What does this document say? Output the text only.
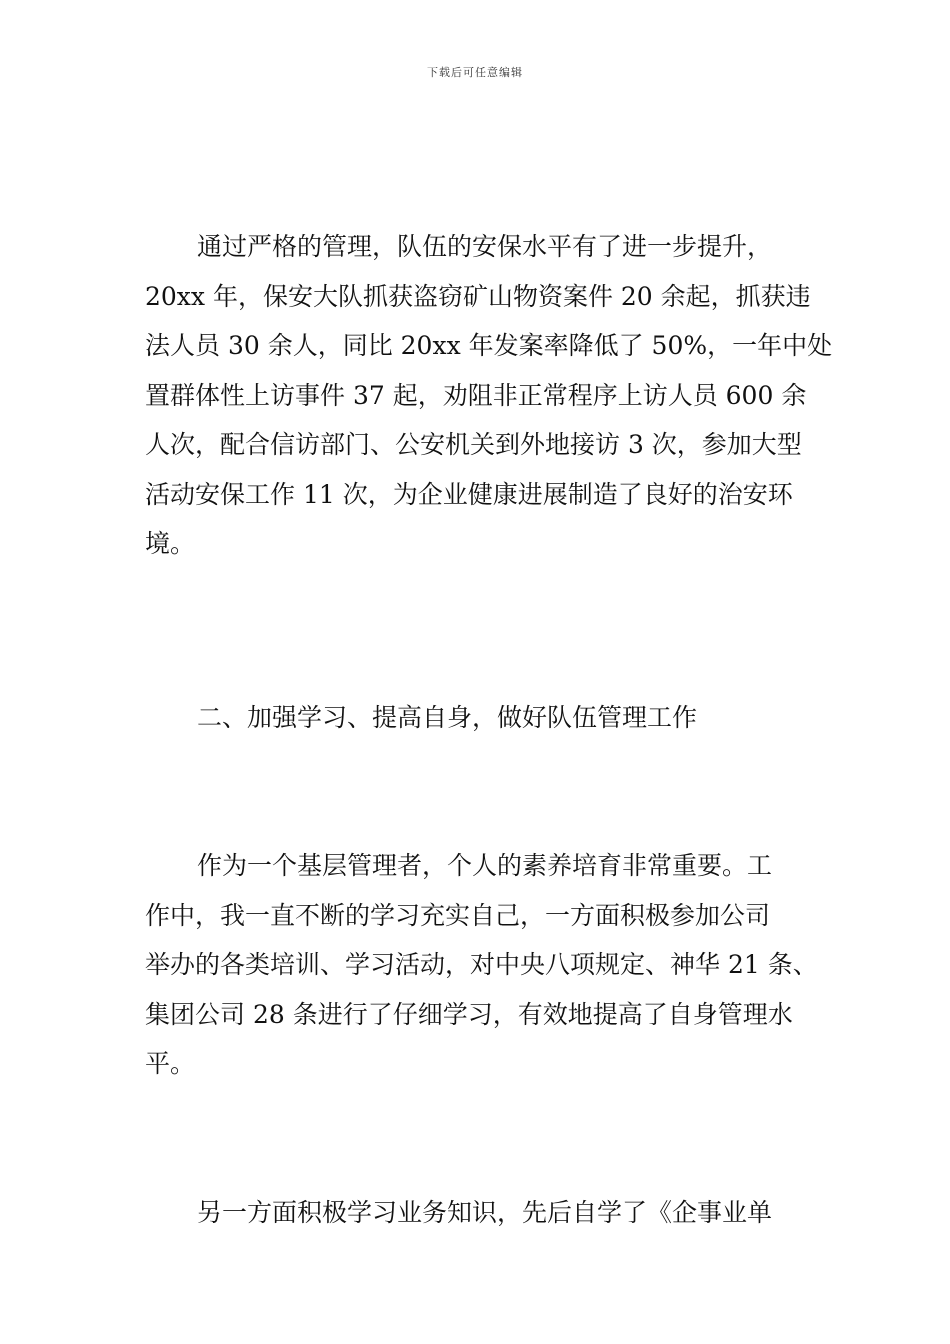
下载后可任意编辑
通过严格的管理，队伍的安保水平有了进一步提升，
20xx 年，保安大队抓获盗窃矿山物资案件 20 余起，抓获违
法人员 30 余人，同比 20xx 年发案率降低了 50%，一年中处
置群体性上访事件 37 起，劝阻非正常程序上访人员 600 余
人次，配合信访部门、公安机关到外地接访 3 次，参加大型
活动安保工作 11 次，为企业健康进展制造了良好的治安环
境。
二、加强学习、提高自身，做好队伍管理工作
作为一个基层管理者，个人的素养培育非常重要。工
作中，我一直不断的学习充实自己，一方面积极参加公司
举办的各类培训、学习活动，对中央八项规定、神华 21 条、
集团公司 28 条进行了仔细学习，有效地提高了自身管理水
平。
另一方面积极学习业务知识，先后自学了《企事业单
